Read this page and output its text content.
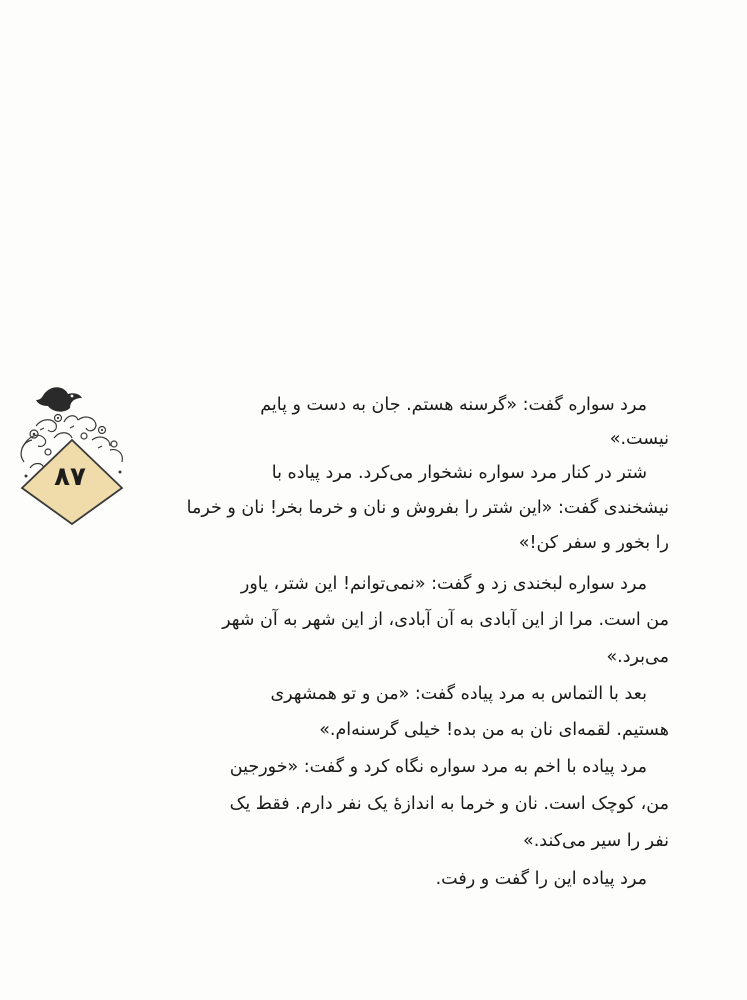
۸۷
مرد سواره گفت: «گرسنه هستم. جان به دست و پایم
نیست.»
شتر در کنار مرد سواره نشخوار می‌کرد. مرد پیاده با
نیشخندی گفت: «این شتر را بفروش و نان و خرما بخر! نان و خرما
را بخور و سفر کن!»
مرد سواره لبخندی زد و گفت: «نمی‌توانم! این شتر، یاور
من است. مرا از این آبادی به آن آبادی، از این شهر به آن شهر
می‌برد.»
بعد با التماس به مرد پیاده گفت: «من و تو همشهری
هستیم. لقمه‌ای نان به من بده! خیلی گرسنه‌ام.»
مرد پیاده با اخم به مرد سواره نگاه کرد و گفت: «خورجین
من، کوچک است. نان و خرما به اندازهٔ یک نفر دارم. فقط یک
نفر را سیر می‌کند.»
مرد پیاده این را گفت و رفت.
